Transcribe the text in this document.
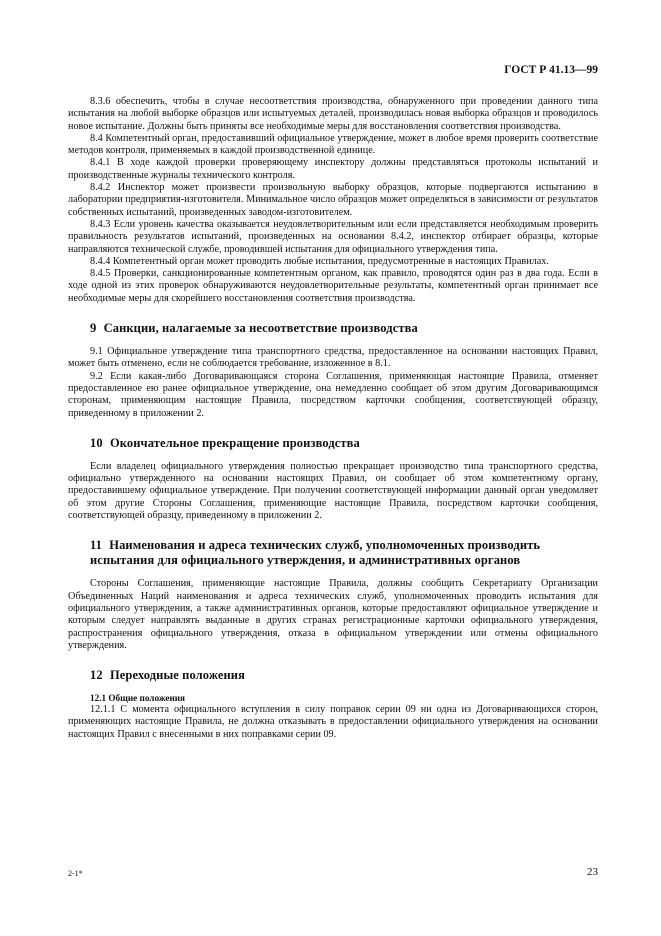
ГОСТ Р 41.13—99

8.3.6 обеспечить, чтобы в случае несоответствия производства, обнаруженного при проведении данного типа испытания на любой выборке образцов или испытуемых деталей, производилась новая выборка образцов и проводилось новое испытание. Должны быть приняты все необходимые меры для восстановления соответствия производства.

8.4 Компетентный орган, предоставивший официальное утверждение, может в любое время проверить соответствие методов контроля, применяемых в каждой производственной единице.

8.4.1 В ходе каждой проверки проверяющему инспектору должны представляться протоколы испытаний и производственные журналы технического контроля.

8.4.2 Инспектор может произвести произвольную выборку образцов, которые подвергаются испытанию в лаборатории предприятия-изготовителя. Минимальное число образцов может определяться в зависимости от результатов собственных испытаний, произведенных заводом-изготовителем.

8.4.3 Если уровень качества оказывается неудовлетворительным или если представляется необходимым проверить правильность результатов испытаний, произведенных на основании 8.4.2, инспектор отбирает образцы, которые направляются технической службе, проводившей испытания для официального утверждения типа.

8.4.4 Компетентный орган может проводить любые испытания, предусмотренные в настоящих Правилах.

8.4.5 Проверки, санкционированные компетентным органом, как правило, проводятся один раз в два года. Если в ходе одной из этих проверок обнаруживаются неудовлетворительные результаты, компетентный орган принимает все необходимые меры для скорейшего восстановления соответствия производства.

9 Санкции, налагаемые за несоответствие производства

9.1 Официальное утверждение типа транспортного средства, предоставленное на основании настоящих Правил, может быть отменено, если не соблюдается требование, изложенное в 8.1.

9.2 Если какая-либо Договаривающаяся сторона Соглашения, применяющая настоящие Правила, отменяет предоставленное ею ранее официальное утверждение, она немедленно сообщает об этом другим Договаривающимся сторонам, применяющим настоящие Правила, посредством карточки сообщения, соответствующей образцу, приведенному в приложении 2.

10 Окончательное прекращение производства

Если владелец официального утверждения полностью прекращает производство типа транспортного средства, официально утвержденного на основании настоящих Правил, он сообщает об этом компетентному органу, предоставившему официальное утверждение. При получении соответствующей информации данный орган уведомляет об этом другие Стороны Соглашения, применяющие настоящие Правила, посредством карточки сообщения, соответствующей образцу, приведенному в приложении 2.

11 Наименования и адреса технических служб, уполномоченных производить испытания для официального утверждения, и административных органов

Стороны Соглашения, применяющие настоящие Правила, должны сообщить Секретариату Организации Объединенных Наций наименования и адреса технических служб, уполномоченных проводить испытания для официального утверждения, а также административных органов, которые предоставляют официальное утверждение и которым следует направлять выданные в других странах регистрационные карточки официального утверждения, распространения официального утверждения, отказа в официальном утверждении или отмены официального утверждения.

12 Переходные положения
12.1 Общие положения

12.1.1 С момента официального вступления в силу поправок серии 09 ни одна из Договаривающихся сторон, применяющих настоящие Правила, не должна отказывать в предоставлении официального утверждения на основании настоящих Правил с внесенными в них поправками серии 09.

2-1*	23
